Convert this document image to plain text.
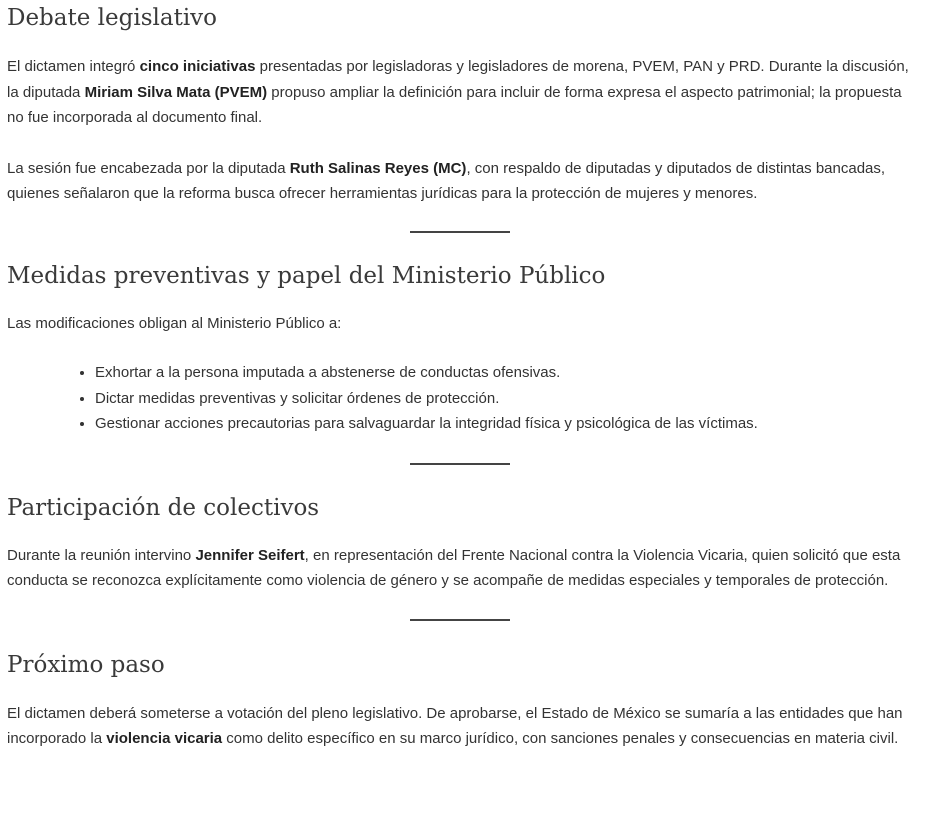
Debate legislativo

El dictamen integró cinco iniciativas presentadas por legisladoras y legisladores de morena, PVEM, PAN y PRD. Durante la discusión, la diputada Miriam Silva Mata (PVEM) propuso ampliar la definición para incluir de forma expresa el aspecto patrimonial; la propuesta no fue incorporada al documento final.

La sesión fue encabezada por la diputada Ruth Salinas Reyes (MC), con respaldo de diputadas y diputados de distintas bancadas, quienes señalaron que la reforma busca ofrecer herramientas jurídicas para la protección de mujeres y menores.

Medidas preventivas y papel del Ministerio Público

Las modificaciones obligan al Ministerio Público a:

• Exhortar a la persona imputada a abstenerse de conductas ofensivas.
• Dictar medidas preventivas y solicitar órdenes de protección.
• Gestionar acciones precautorias para salvaguardar la integridad física y psicológica de las víctimas.
Participación de colectivos

Durante la reunión intervino Jennifer Seifert, en representación del Frente Nacional contra la Violencia Vicaria, quien solicitó que esta conducta se reconozca explícitamente como violencia de género y se acompañe de medidas especiales y temporales de protección.

Próximo paso

El dictamen deberá someterse a votación del pleno legislativo. De aprobarse, el Estado de México se sumaría a las entidades que han incorporado la violencia vicaria como delito específico en su marco jurídico, con sanciones penales y consecuencias en materia civil.
